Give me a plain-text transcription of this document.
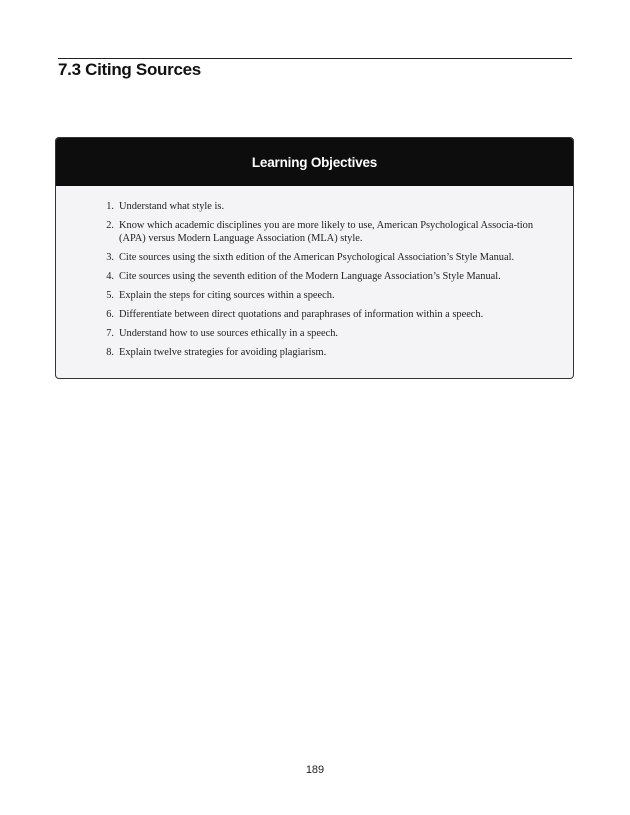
7.3 Citing Sources
Learning Objectives
1. Understand what style is.
2. Know which academic disciplines you are more likely to use, American Psychological Associa-tion (APA) versus Modern Language Association (MLA) style.
3. Cite sources using the sixth edition of the American Psychological Association’s Style Manual.
4. Cite sources using the seventh edition of the Modern Language Association’s Style Manual.
5. Explain the steps for citing sources within a speech.
6. Differentiate between direct quotations and paraphrases of information within a speech.
7. Understand how to use sources ethically in a speech.
8. Explain twelve strategies for avoiding plagiarism.
189
